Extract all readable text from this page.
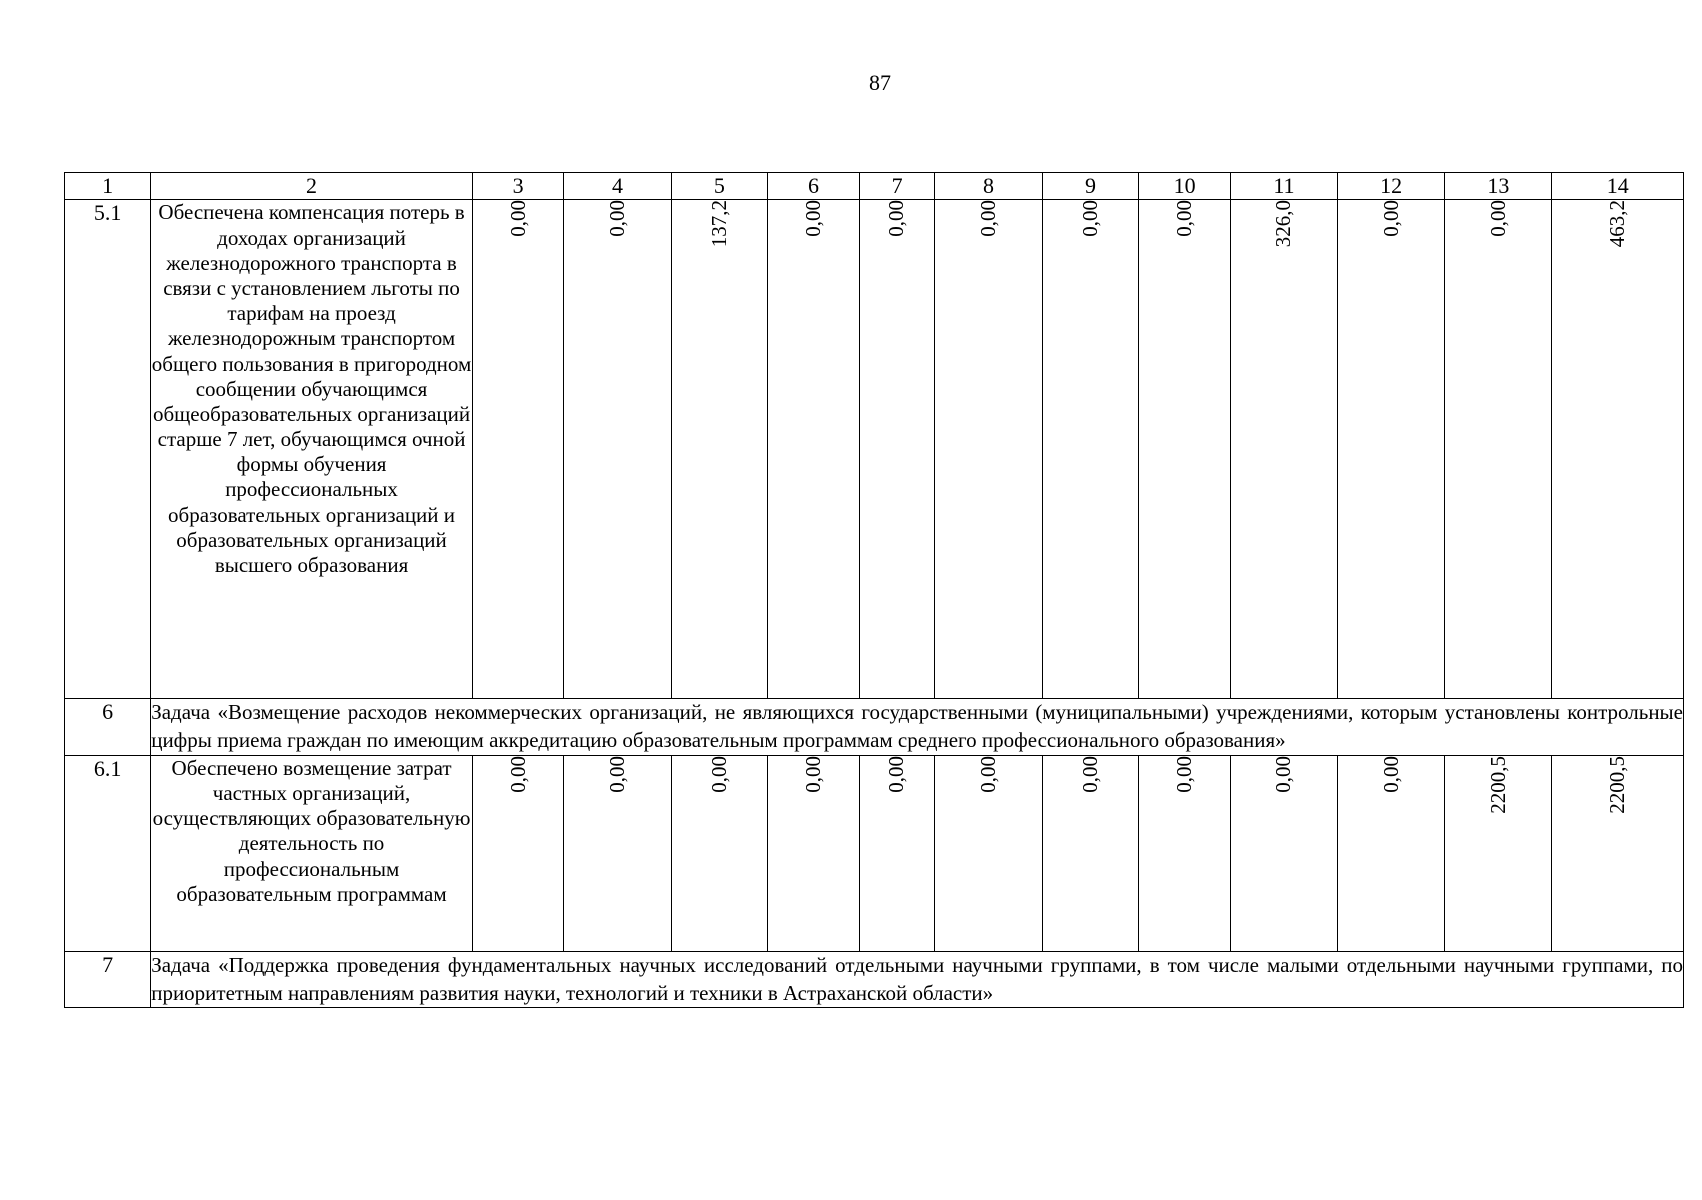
87
1	2	3	4	5	6	7	8	9	10	11	12	13	14
5.1	Обеспечена компенсация потерь в доходах организаций железнодорожного транспорта в связи с установлением льготы по тарифам на проезд железнодорожным транспортом общего пользования в пригородном сообщении обучающимся общеобразовательных организаций старше 7 лет, обучающимся очной формы обучения профессиональных образовательных организаций и образовательных организаций высшего образования	0,00	0,00	137,2	0,00	0,00	0,00	0,00	0,00	326,0	0,00	0,00	463,2
6	Задача «Возмещение расходов некоммерческих организаций, не являющихся государственными (муниципальными) учреждениями, которым установлены контрольные цифры приема граждан по имеющим аккредитацию образовательным программам среднего профессионального образования»												
6.1	Обеспечено возмещение затрат частных организаций, осуществляющих образовательную деятельность по профессиональным образовательным программам	0,00	0,00	0,00	0,00	0,00	0,00	0,00	0,00	0,00	0,00	2200,5	2200,5
7	Задача «Поддержка проведения фундаментальных научных исследований отдельными научными группами, в том числе малыми отдельными научными группами, по приоритетным направлениям развития науки, технологий и техники в Астраханской области»												
